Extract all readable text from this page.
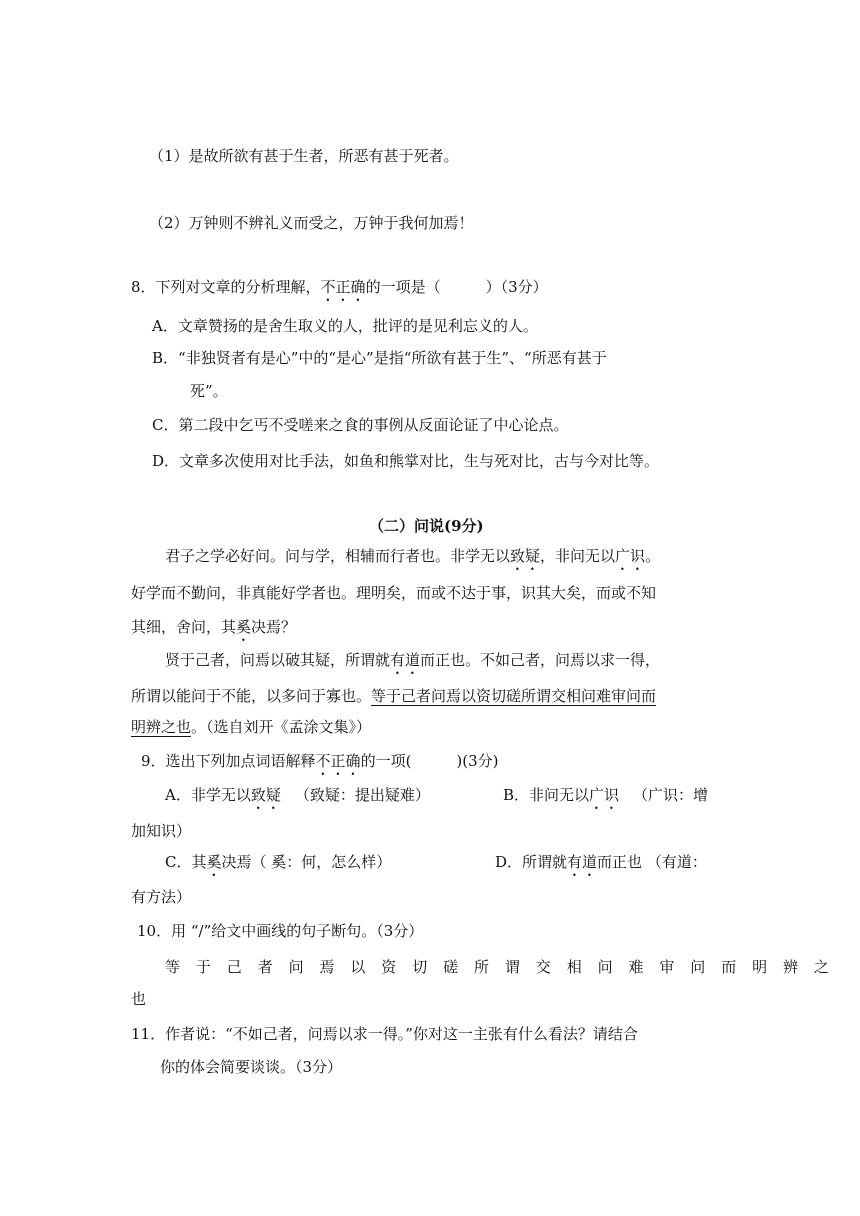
（1）是故所欲有甚于生者，所恶有甚于死者。
（2）万钟则不辨礼义而受之，万钟于我何加焉！
8．下列对文章的分析理解，不正确的一项是（　　　）（3分）
A．文章赞扬的是舍生取义的人，批评的是见利忘义的人。
B．“非独贤者有是心”中的“是心”是指“所欲有甚于生”、“所恶有甚于
死”。
C．第二段中乞丐不受嗟来之食的事例从反面论证了中心论点。
D．文章多次使用对比手法，如鱼和熊掌对比，生与死对比，古与今对比等。
（二）问说(9分)
君子之学必好问。问与学，相辅而行者也。非学无以致疑，非问无以广识。
好学而不勤问，非真能好学者也。理明矣，而或不达于事，识其大矣，而或不知
其细，舍问，其奚决焉？
贤于己者，问焉以破其疑，所谓就有道而正也。不如己者，问焉以求一得，
所谓以能问于不能，以多问于寡也。等于己者问焉以资切磋所谓交相问难审问而
明辨之也。（选自刘开《孟涂文集》）
9．选出下列加点词语解释不正确的一项(　　　)(3分)
A．非学无以致疑 （致疑：提出疑难）	B．非问无以广识 （广识：增
加知识）
C．其奚决焉（ 奚：何，怎么样）	D．所谓就有道而正也 （有道：
有方法）
10．用 “/”给文中画线的句子断句。（3分）
等于己者问焉以资切磋所谓交相问难审问而明辨之
也
11．作者说：“不如己者，问焉以求一得。”你对这一主张有什么看法？请结合
你的体会简要谈谈。（3分）
